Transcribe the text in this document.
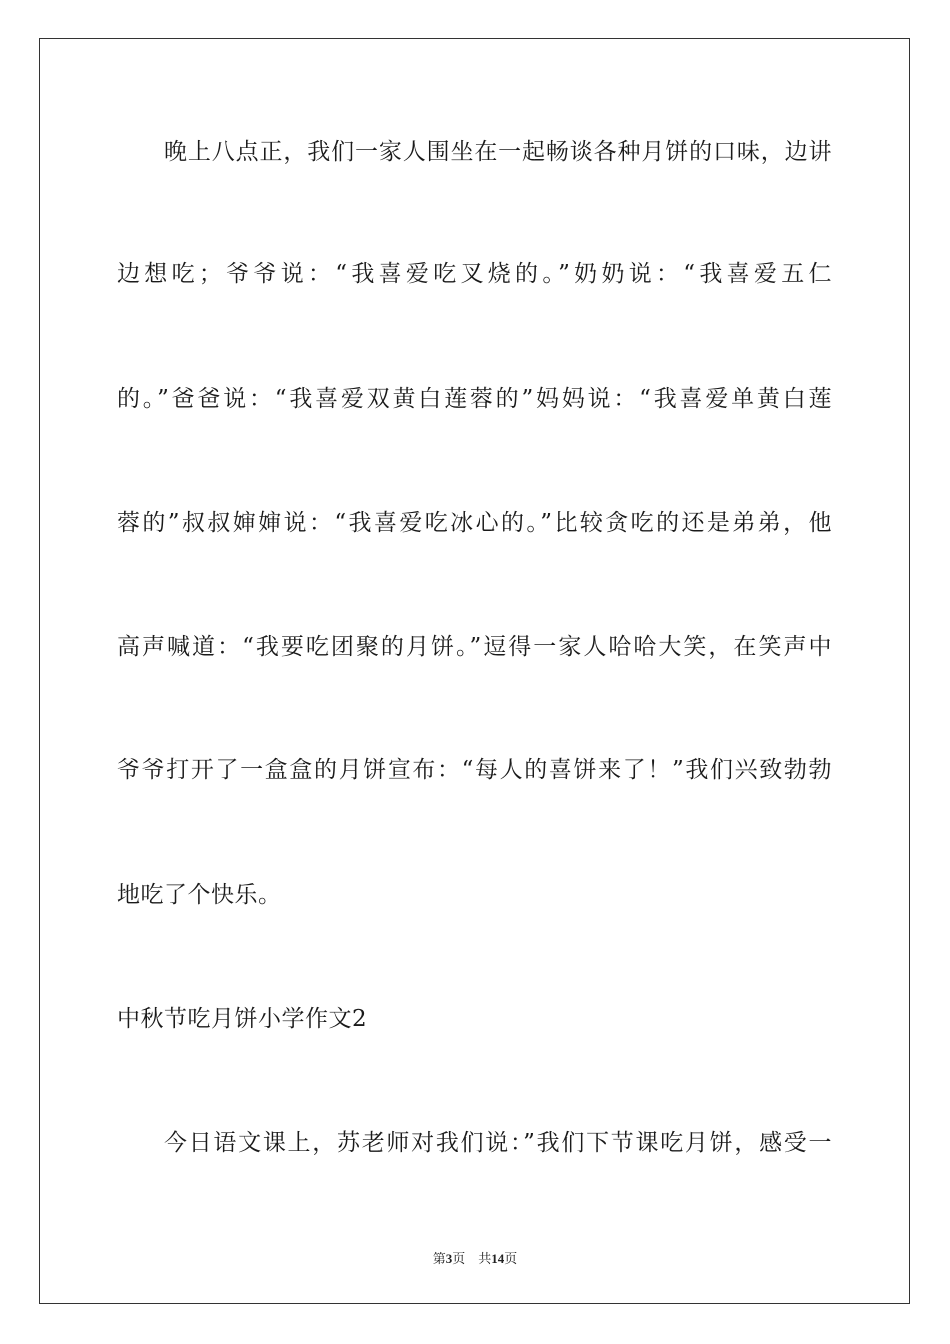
晚上八点正，我们一家人围坐在一起畅谈各种月饼的口味，边讲
边想吃；爷爷说：“我喜爱吃叉烧的。”奶奶说：“我喜爱五仁
的。”爸爸说：“我喜爱双黄白莲蓉的”妈妈说：“我喜爱单黄白莲
蓉的”叔叔婶婶说：“我喜爱吃冰心的。”比较贪吃的还是弟弟，他
高声喊道：“我要吃团聚的月饼。”逗得一家人哈哈大笑，在笑声中
爷爷打开了一盒盒的月饼宣布：“每人的喜饼来了！”我们兴致勃勃
地吃了个快乐。
中秋节吃月饼小学作文2
今日语文课上，苏老师对我们说：”我们下节课吃月饼，感受一
第3页　共14页
